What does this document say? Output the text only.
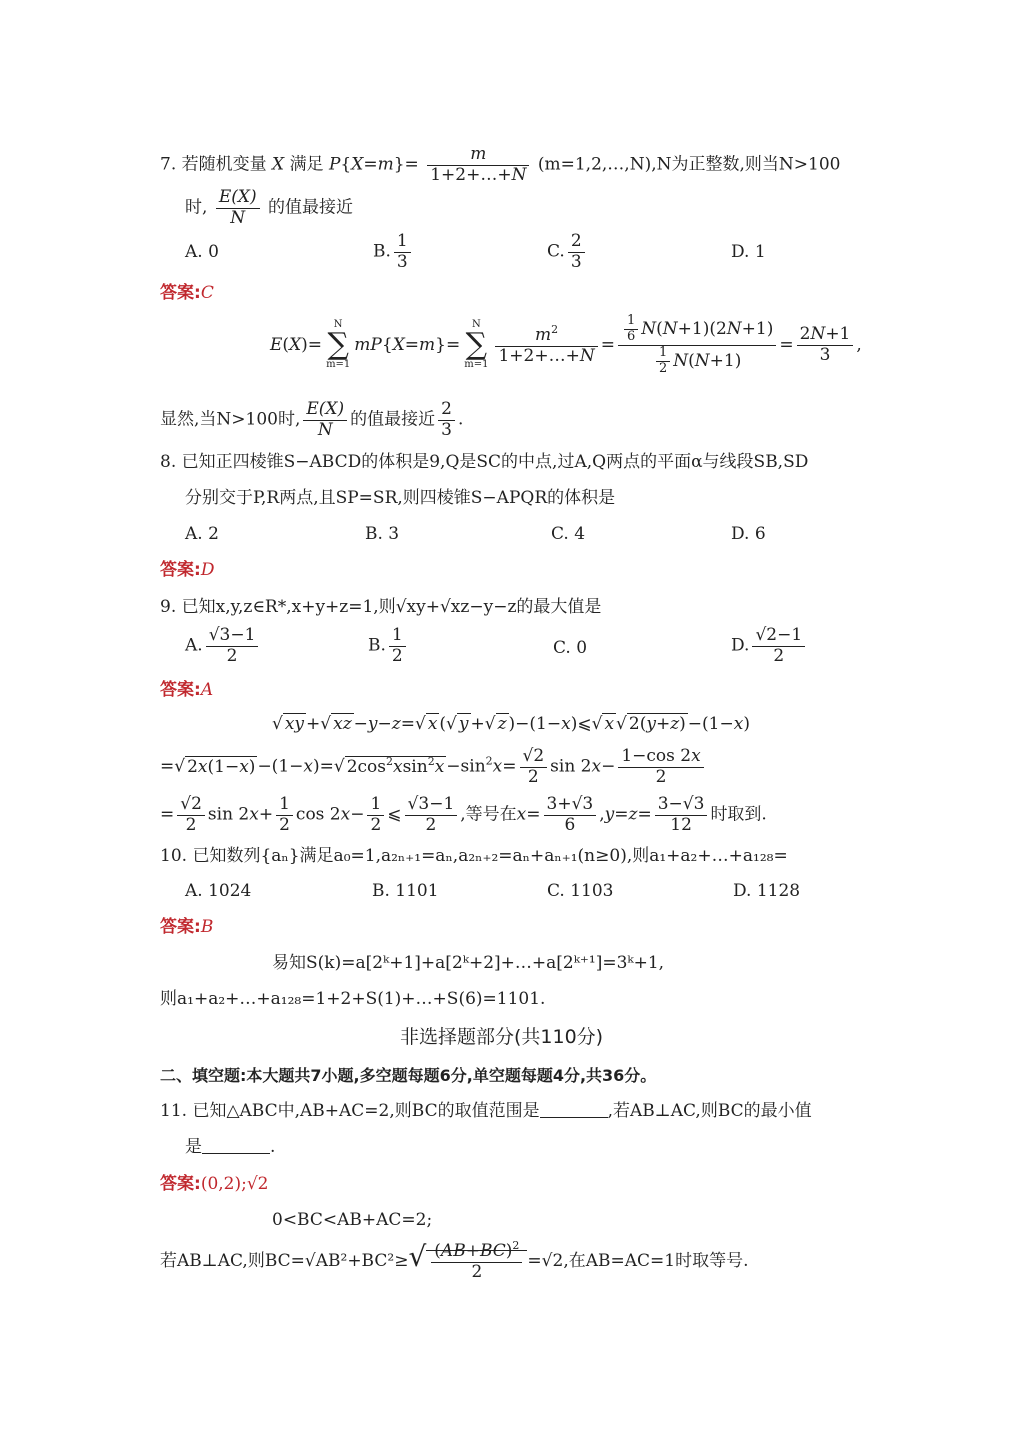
7. 若随机变量 X 满足 $P\{X=m\}= \frac{m}{1+2+\dots+N}$ (m=1,2,…,N),N为正整数,则当N>100
时, $\frac{E(X)}{N}$ 的值最接近
A. 0	B. $\frac{1}{3}$	C. $\frac{2}{3}$	D. 1
答案:C
E(X)=N
∑
m=1mP{X=m}=N
∑
$m=1 \frac{m^2}{1+2+\dots+N} = \frac{\frac{1}{6} N(N+1)(2N+1)}{\frac{1}{2} N(N+1)} = \frac{2N+1}{3}$ ,
显然,当N>100时, $\frac{E(X)}{N}$ 的值最接近 $\frac{2}{3}$ .
8. 已知正四棱锥S−ABCD的体积是9,Q是SC的中点,过A,Q两点的平面α与线段SB,SD
分别交于P,R两点,且SP=SR,则四棱锥S−APQR的体积是
A. 2	B. 3	C. 4	D. 6
答案:D
9. 已知x,y,z∈R*,x+y+z=1,则√xy+√xz−y−z的最大值是
A. $\frac{√3-1}{2}$	B. $\frac{1}{2}$	C. 0	D. $\frac{√2-1}{2}$
答案:A
√ xy +√ xz −y−z=√ x (√ y +√ z )−(1−x)⩽√ x √ 2(y+z) −(1−x)
=√ 2x(1−x) −(1−x)=√ $2\cos^2xsin^2x -\sin^2x= \frac{√2}{2}$ $\sin 2x- \frac{1-\cos 2x}{2}$
= $\frac{√2}{2}$ $\sin 2x+ \frac{1}{2}$ $\cos 2x- \frac{1}{2}$ ⩽ $\frac{√3-1}{2}$ ,等号在$x= \frac{3+√3}{6} ,y=z= \frac{3-√3}{12}$ 时取到.
10. 已知数列{aₙ}满足a₀=1,a₂ₙ₊₁=aₙ,a₂ₙ₊₂=aₙ+aₙ₊₁(n≥0),则a₁+a₂+…+a₁₂₈=
A. 1024	B. 1101	C. 1103	D. 1128
答案:B
易知S(k)=a[2ᵏ+1]+a[2ᵏ+2]+…+a[2ᵏ⁺¹]=3ᵏ+1,
则a₁+a₂+…+a₁₂₈=1+2+S(1)+…+S(6)=1101.
非选择题部分(共110分)
二、填空题:本大题共7小题,多空题每题6分,单空题每题4分,共36分。
11. 已知△ABC中,AB+AC=2,则BC的取值范围是	,若AB⊥AC,则BC的最小值
是	.
答案:(0,2);√2
0<BC<AB+AC=2;
若AB⊥AC,则$BC=√AB^2+BC^2\ge√ \frac{(AB+BC)^2}{2} =√2$,在AB=AC=1时取等号.
